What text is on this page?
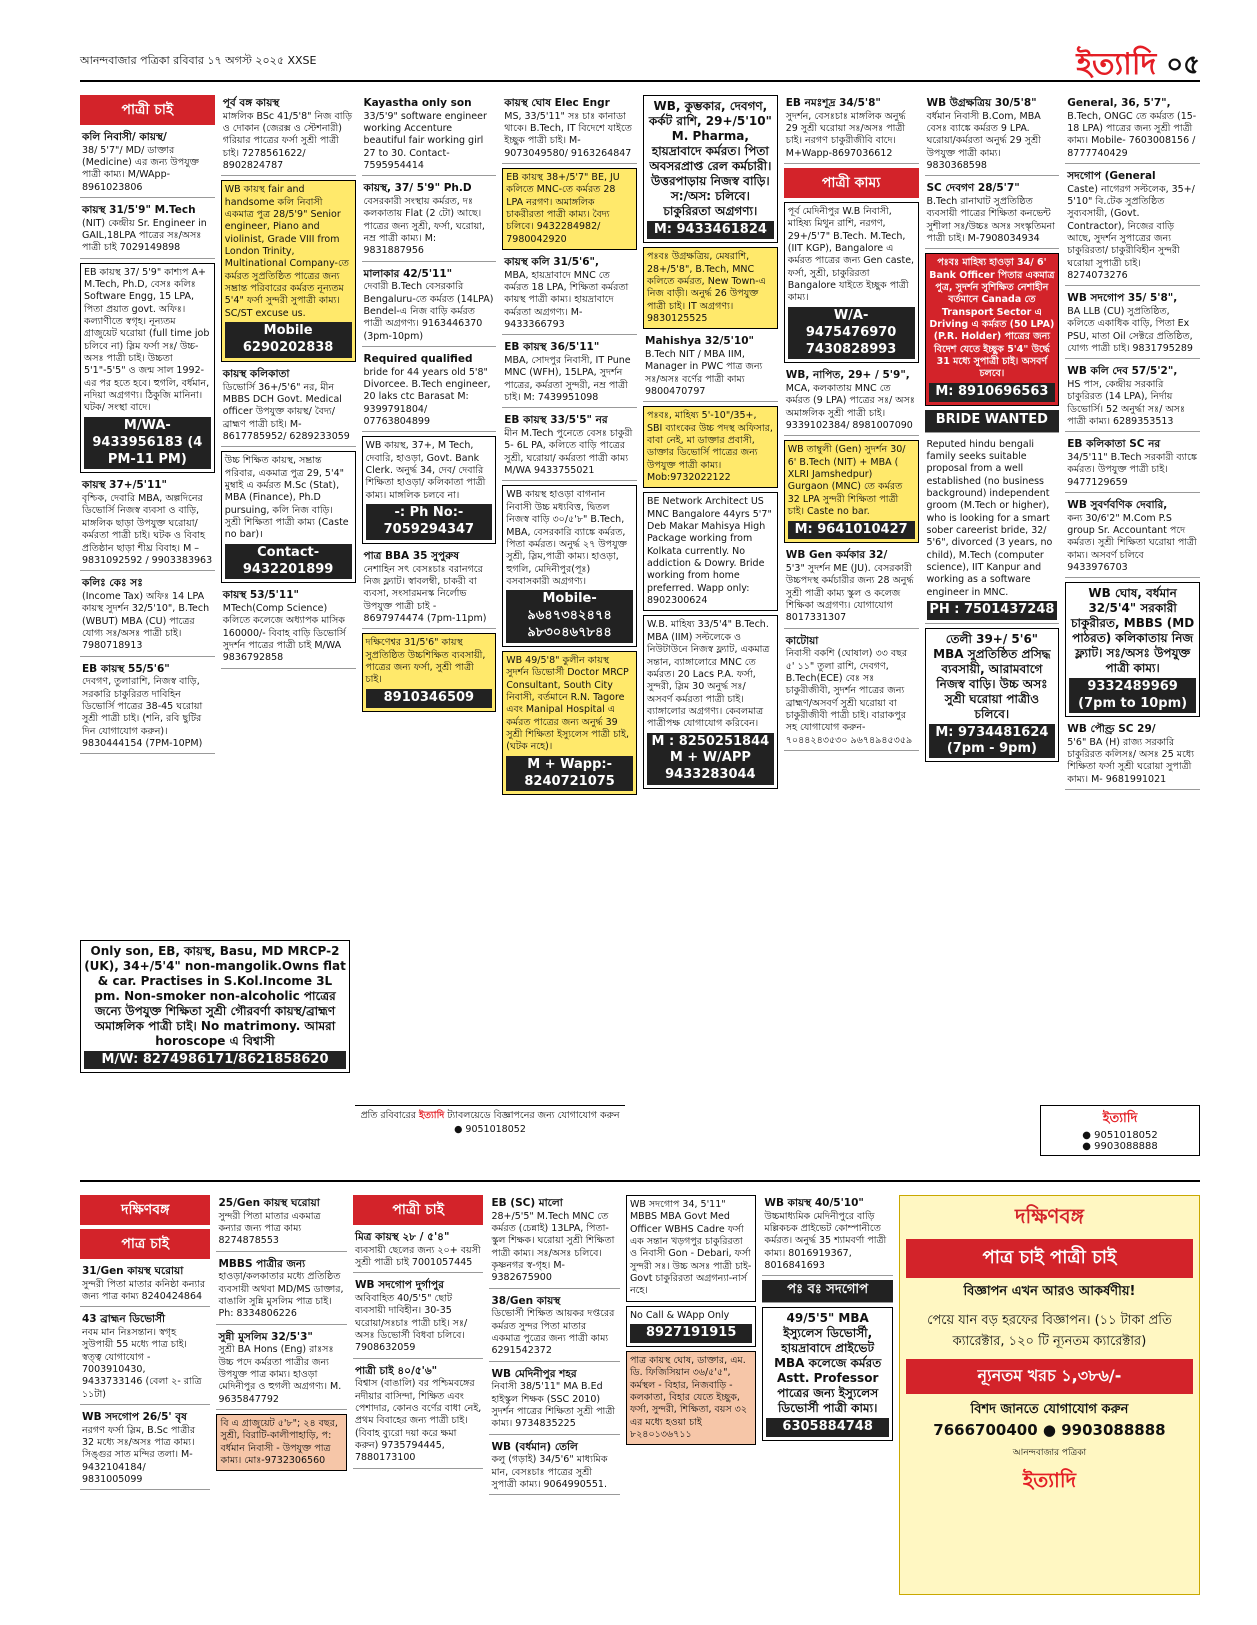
আনন্দবাজার পত্রিকা রবিবার ১৭ অগস্ট ২০২৫ XXSE	ইত্যাদি ০৫
পাত্রী চাই
কলি নিবাসী/ কায়স্থ/
38/ 5'7"/ MD/ ডাক্তার (Medicine) এর জন্য উপযুক্ত পাত্রী কাম্য। M/WApp- 8961023806
কায়স্থ 31/5'9" M.Tech
(NIT) কেন্দ্রীয় Sr. Engineer in GAIL,18LPA পাত্রের সঃ/অসঃ পাত্রী চাই 7029149898
EB কায়স্থ 37/ 5'9" কাশ্যপ A+ M.Tech, Ph.D, বেসঃ কলিঃ Software Engg, 15 LPA, পিতা প্রয়াত govt. অফিঃ। কল্যাণীতে স্বগৃহ। নূন্যতম গ্রাজুয়েট ঘরোয়া (full time job চলিবে না) স্লিম ফর্সা সঃ/ উচ্চ-অসঃ পাত্রী চাই। উচ্চতা 5'1"-5'5" ও জন্ম সাল 1992-এর পর হতে হবে। হুগলি, বর্ধমান, নদিয়া অগ্রগণ্য। ঠিকুজি মানিনা। ঘটক/ সংস্থা বাদে।
M/WA-9433956183 (4 PM-11 PM)
কায়স্থ 37+/5'11"
বৃশ্চিক, দেবারি MBA, অল্পদিনের ডিভোর্সি নিজস্ব ব্যবসা ও বাড়ি, মাঙ্গলিক ছাড়া উপযুক্ত ঘরোয়া/ কর্মরতা পাত্রী চাই। ঘটক ও বিবাহ প্রতিষ্ঠান ছাড়া শীঘ্র বিবাহ। M – 9831092592 / 9903383963
কলিঃ কেঃ সঃ
(Income Tax) অফিঃ 14 LPA কায়স্থ সুদর্শন 32/5'10", B.Tech (WBUT) MBA (CU) পাত্রের যোগ্য সঃ/অসঃ পাত্রী চাই। 7980718913
EB কায়স্থ 55/5'6"
দেবগণ, তুলারাশি, নিজস্ব বাড়ি, সরকারি চাকুরিরত দাবিহিন ডিভোর্সি পাত্রের 38-45 ঘরোয়া সুশ্রী পাত্রী চাই। (শনি, রবি ছুটির দিন যোগাযোগ করুন)। 9830444154 (7PM-10PM)
পূর্ব বঙ্গ কায়স্থ
মাঙ্গলিক BSc 41/5'8" নিজ বাড়ি ও দোকান (জেরক্স ও স্টেশনারী) গরিয়ার পাত্রের ফর্সা সুশ্রী পাত্রী চাই। 7278561622/ 8902824787
WB কায়স্থ fair and handsome কলি নিবাসী একমাত্র পুত্র 28/5'9" Senior engineer, Piano and violinist, Grade VIII from London Trinity, Multinational Company-তে কর্মরত সুপ্রতিষ্ঠিত পাত্রের জন্য সম্ভ্রান্ত পরিবারের কর্মরত নূন্যতম 5'4" ফর্সা সুন্দরী সুপাত্রী কাম্য। SC/ST excuse us.
Mobile 6290202838
কায়স্থ কলিকাতা
ডিভোর্সি 36+/5'6" নর, মীন MBBS DCH Govt. Medical officer উপযুক্ত কায়স্থ/ বৈদ্য/ ব্রাহ্মণ পাত্রী চাই। M- 8617785952/ 6289233059
উচ্চ শিক্ষিত কায়স্থ, সম্ভ্রান্ত পরিবার, একমাত্র পুত্র 29, 5'4" মুম্বাই এ কর্মরত M.Sc (Stat), MBA (Finance), Ph.D pursuing, কলি নিজ বাড়ি। সুশ্রী শিক্ষিতা পাত্রী কাম্য (Caste no bar)।
Contact- 9432201899
কায়স্থ 53/5'11"
MTech(Comp Science) কলিতে কলেজে অধ্যাপক মাসিক 160000/- বিবাহ বাড়ি ডিভোর্সি সুদর্শন পাত্রের পাত্রী চাই M/WA 9836792858
Kayastha only son
33/5'9" software engineer working Accenture beautiful fair working girl 27 to 30. Contact- 7595954414
কায়স্থ, 37/ 5'9" Ph.D
বেসরকারী সংস্থায় কর্মরত, দঃ কলকাতায় Flat (2 টো) আছে। পাত্রের জন্য সুশ্রী, ফর্সা, ঘরোয়া, নম্র পাত্রী কাম্য। M: 9831887956
মালাকার 42/5'11"
দেবারী B.Tech বেসরকারি Bengaluru-তে কর্মরত (14LPA) Bendel-এ নিজ বাড়ি কর্মরত পাত্রী অগ্রগণ্য। 9163446370 (3pm-10pm)
Required qualified
bride for 44 years old 5'8" Divorcee. B.Tech engineer, 20 laks ctc Barasat M: 9399791804/ 07763804899
WB কায়স্থ, 37+, M Tech, দেবারি, হাওড়া, Govt. Bank Clerk. অনুর্দ্ধ 34, দেব/ দেবারি শিক্ষিতা হাওড়া/ কলিকাতা পাত্রী কাম্য। মাঙ্গলিক চলবে না।
-: Ph No:- 7059294347
পাত্র BBA 35 সুপুরুষ
নেশাহিন সৎ বেসঃচাঃ বরানগরে নিজ ফ্ল্যাট। স্বাবলম্বী, চাকরী বা ব্যবসা, সংসারমনস্ক নির্লোভ উপযুক্ত পাত্রী চাই - 8697974474 (7pm-11pm)
দক্ষিণেশ্বর 31/5'6" কায়স্থ সুপ্রতিষ্ঠিত উচ্চশিক্ষিত ব্যবসায়ী, পাত্রের জন্য ফর্সা, সুশ্রী পাত্রী চাই।
8910346509
কায়স্থ ঘোষ Elec Engr
MS, 33/5'11" সঃ চাঃ কানাডা থাকে। B.Tech, IT বিদেশে যাইতে ইচ্ছুক পাত্রী চাই। M- 9073049580/ 9163264847
EB কায়স্থ 38+/5'7" BE, JU কলিতে MNC-তে কর্মরত 28 LPA নরগণ। অমাঙ্গলিক চাকরীরতা পাত্রী কাম্য। বৈদ্য চলিবে। 9432284982/ 7980042920
কায়স্থ কলি 31/5'6",
MBA, হায়দ্রাবাদে MNC তে কর্মরত 18 LPA, শিক্ষিতা কর্মরতা কায়স্থ পাত্রী কাম্য। হায়দ্রাবাদে কর্মরতা অগ্রগণ্য। M-9433366793
EB কায়স্থ 36/5'11"
MBA, সোদপুর নিবাসী, IT Pune MNC (WFH), 15LPA, সুদর্শন পাত্রের, কর্মরতা সুন্দরী, নম্র পাত্রী চাই। M: 7439951098
EB কায়স্থ 33/5'5" নর
মীন M.Tech পুনেতে বেসঃ চাকুরী 5- 6L PA, কলিতে বাড়ি পাত্রের সুশ্রী, ঘরোয়া/ কর্মরতা পাত্রী কাম্য M/WA 9433755021
WB কায়স্থ হাওড়া বাগনান নিবাসী উচ্চ মধ্যবিত্ত, দ্বিতল নিজস্ব বাড়ি ৩০/৫'৮" B.Tech, MBA, বেসরকারি ব্যাঙ্কে কর্মরত, পিতা কর্মরত। অনুর্দ্ধ ২৭ উপযুক্ত সুশ্রী, স্লিম,পাত্রী কাম্য। হাওড়া, হুগলি, মেদিনীপুর(পূঃ) বসবাসকারী অগ্রগণ্য।
Mobile- ৯৬৪৭৩৪২৪৭৪ ৯৮৩০৪৬৭৮৪৪
WB 49/5'8" কুলীন কায়স্থ সুদর্শন ডিভোর্সী Doctor MRCP Consultant, South City নিবাসী, বর্তমানে R.N. Tagore এবং Manipal Hospital এ কর্মরত পাত্রের জন্য অনুর্দ্ধ 39 সুশ্রী শিক্ষিতা ইস্যুলেস পাত্রী চাই, (ঘটক নহে)।
M + Wapp:- 8240721075
WB, কুম্ভকার, দেবগণ, কর্কট রাশি, 29+/5'10" M. Pharma, হায়দ্রাবাদে কর্মরত। পিতা অবসরপ্রাপ্ত রেল কর্মচারী। উত্তরপাড়ায় নিজস্ব বাড়ি। স:/অস: চলিবে। চাকুরিরতা অগ্রগণ্য।
M: 9433461824
পঃবঃ উগ্রক্ষত্রিয়, মেষরাশি, 28+/5'8", B.Tech, MNC কলিতে কর্মরত, New Town-এ নিজ বাড়ী। অনুর্দ্ধ 26 উপযুক্ত পাত্রী চাই। IT অগ্রগণ্য। 9830125525
Mahishya 32/5'10"
B.Tech NIT / MBA IIM, Manager in PWC পাত্র জন্য সঃ/অসঃ বর্ণের পাত্রী কাম্য 9800470797
পঃবঃ, মাহিষ্য 5'-10"/35+, SBI ব্যাংকের উচ্চ পদস্থ অফিসার, বাবা নেই, মা ডাক্তার প্রবাসী, ডাক্তার ডিভোর্সি পাত্রের জন্য উপযুক্ত পাত্রী কাম্য। Mob:9732022122
BE Network Architect US MNC Bangalore 44yrs 5'7" Deb Makar Mahisya High Package working from Kolkata currently. No addiction & Dowry. Bride working from home preferred. Wapp only: 8902300624
W.B. মাহিষ্য 33/5'4" B.Tech. MBA (IIM) সল্টলেকে ও নিউটাউনে নিজস্ব ফ্ল্যাট, একমাত্র সন্তান, ব্যাঙ্গালোরে MNC তে কর্মরত। 20 Lacs P.A. ফর্সা, সুন্দরী, স্লিম 30 অনুর্দ্ধ সঃ/ অসবর্ণ কর্মরতা পাত্রী চাই। ব্যাঙ্গালোর অগ্রগণ্য। কেবলমাত্র পাত্রীপক্ষ যোগাযোগ করিবেন।
M : 8250251844 M + W/APP 9433283044
EB নমঃশূদ্র 34/5'8"
সুদর্শন, বেসঃচাঃ মাঙ্গলিক অনুর্দ্ধ 29 সুশ্রী ঘরোয়া সঃ/অসঃ পাত্রী চাই। নরগণ চাকুরীজীবি বাদে। M+Wapp-8697036612
পাত্রী কাম্য
পূর্ব মেদিনীপুর W.B নিবাসী, মাহিষ্য মিথুন রাশি, নরগণ, 29+/5'7" B.Tech. M.Tech, (IIT KGP), Bangalore এ কর্মরত পাত্রের জন্য Gen caste, ফর্সা, সুশ্রী, চাকুরিরতা Bangalore যাইতে ইচ্ছুক পাত্রী কাম্য।
W/A- 9475476970 7430828993
WB, নাপিত, 29+ / 5'9",
MCA, কলকাতায় MNC তে কর্মরত (9 LPA) পাত্রের সঃ/ অসঃ অমাঙ্গলিক সুশ্রী পাত্রী চাই। 9339102384/ 8981007090
WB তাম্বুলী (Gen) সুদর্শন 30/ 6' B.Tech (NIT) + MBA ( XLRI Jamshedpur) Gurgaon (MNC) তে কর্মরত 32 LPA সুন্দরী শিক্ষিতা পাত্রী চাই। Caste no bar.
M: 9641010427
WB Gen কর্মকার 32/
5'3" সুদর্শন ME (JU). বেসরকারী উচ্চপদস্থ কর্মচারীর জন্য 28 অনুর্দ্ধ সুশ্রী পাত্রী কাম্য স্কুল ও কলেজ শিক্ষিকা অগ্রগণ্য। যোগাযোগ 8017331307
কাটোয়া
নিবাসী বকশি (ঘোষাল) ৩৩ বছর ৫' ১১" তুলা রাশি, দেবগণ, B.Tech(ECE) বেঃ সঃ চাকুরীজীবী, সুদর্শন পাত্রের জন্য ব্রাহ্মণ/অসবর্ণ সুশ্রী ঘরোয়া বা চাকুরীজীবী পাত্রী চাই। বারাকপুর সহ যোগাযোগ করুন- ৭০৪৪২৪৩৫৩০ ৯৬৭৪৯৪৫৩৫৯
WB উগ্রক্ষত্রিয় 30/5'8"
বর্ধমান নিবাসী B.Com, MBA বেসঃ ব্যাঙ্কে কর্মরত 9 LPA. ঘরোয়া/কর্মরতা অনুর্দ্ধ 29 সুশ্রী উপযুক্ত পাত্রী কাম্য। 9830368598
SC দেবগণ 28/5'7"
B.Tech রানাঘাট সুপ্রতিষ্ঠিত ব্যবসায়ী পাত্রের শিক্ষিতা কনভেন্ট সুশীলা সঃ/উচ্চঃ অসঃ সংস্কৃতিমনা পাত্রী চাই। M-7908034934
পঃবঃ মাহিষ্য হাওড়া 34/ 6' Bank Officer পিতার একমাত্র পুত্র, সুদর্শন সুশিক্ষিত নেশাহীন বর্তমানে Canada তে Transport Sector এ Driving এ কর্মরত (50 LPA) (P.R. Holder) পাত্রের জন্য বিদেশ যেতে ইচ্ছুক 5'4" উর্দ্ধে 31 মধ্যে সুপাত্রী চাই। অসবর্ণ চলবে।
M: 8910696563
BRIDE WANTED
Reputed hindu bengali family seeks suitable proposal from a well established (no business background) independent groom (M.Tech or higher), who is looking for a smart sober careerist bride, 32/ 5'6", divorced (3 years, no child), M.Tech (computer science), IIT Kanpur and working as a software engineer in MNC.
PH : 7501437248
তেলী 39+/ 5'6" MBA সুপ্রতিষ্ঠিত প্রসিদ্ধ ব্যবসায়ী, আরামবাগে নিজস্ব বাড়ি। উচ্চ অসঃ সুশ্রী ঘরোয়া পাত্রীও চলিবে।
M: 9734481624 (7pm - 9pm)
General, 36, 5'7",
B.Tech, ONGC তে কর্মরত (15-18 LPA) পাত্রের জন্য সুশ্রী পাত্রী কাম্য। Mobile- 7603008156 / 8777740429
সদগোপ (General
Caste) নাগেরগ সল্টলেক, 35+/ 5'10" বি.টেক সুপ্রতিষ্ঠিত সুব্যবসায়ী, (Govt. Contractor), নিজের বাড়ি আছে, সুদর্শন সুপাত্রের জন্য চাকুরিরতা/ চাকুরীবিহীন সুন্দরী ঘরোয়া সুপাত্রী চাই। 8274073276
WB সদগোপ 35/ 5'8",
BA LLB (CU) সুপ্রতিষ্ঠিত, কলিতে একাধিক বাড়ি, পিতা Ex PSU, মাতা Oil সেক্টরে প্রতিষ্ঠিত, যোগ্য পাত্রী চাই। 9831795289
WB কলি দেব 57/5'2",
HS পাস, কেন্দ্রীয় সরকারি চাকুরিরত (14 LPA), নির্দায় ডিভোর্সি। 52 অনুর্দ্ধা সঃ/ অসঃ পাত্রী কাম্য। 6289353513
EB কলিকাতা SC নর
34/5'11" B.Tech সরকারী ব্যাঙ্কে কর্মরত। উপযুক্ত পাত্রী চাই। 9477129659
WB সুবর্ণবণিক দেবারি,
কন্য 30/6'2" M.Com P.S group Sr. Accountant পদে কর্মরত। সুশ্রী শিক্ষিতা ঘরোয়া পাত্রী কাম্য। অসবর্ণ চলিবে 9433976703
WB ঘোষ, বর্ধমান 32/5'4" সরকারী চাকুরীরত, MBBS (MD পাঠরত) কলিকাতায় নিজ ফ্ল্যাট। সঃ/অসঃ উপযুক্ত পাত্রী কাম্য।
9332489969 (7pm to 10pm)
WB পৌণ্ড্র SC 29/
5'6" BA (H) রাজ্য সরকারি চাকুরিরত কলিসঃ/ অসঃ 25 মধ্যে শিক্ষিতা ফর্সা সুশ্রী ঘরোয়া সুপাত্রী কাম্য। M- 9681991021
Only son, EB, কায়স্থ, Basu, MD MRCP-2 (UK), 34+/5'4" non-mangolik.Owns flat & car. Practises in S.Kol.Income 3L pm. Non-smoker non-alcoholic পাত্রের জন্যে উপযুক্ত শিক্ষিতা সুশ্রী গৌরবর্ণা কায়স্থ/ব্রাহ্মণ অমাঙ্গলিক পাত্রী চাই। No matrimony. আমরা horoscope এ বিশ্বাসী
M/W: 8274986171/8621858620
প্রতি রবিবারের ইত্যাদি ট্যাবলয়েডে বিজ্ঞাপনের জন্য যোগাযোগ করুন ● 9051018052
ইত্যাদি
● 9051018052
● 9903088888
দক্ষিণবঙ্গ
পাত্র চাই
31/Gen কায়স্থ ঘরোয়া
সুন্দরী পিতা মাতার কনিষ্ঠা কন্যার জন্য পাত্র কাম্য 8240424864
43 ব্রাহ্মন ডিভোর্সী
নবম মান নিঃসন্তান। স্বগৃহ সুউপায়ী 55 মধ্যে পাত্র চাই। স্বত্ত্ব যোগাযোগ - 7003910430, 9433733146 (বেলা ২- রাত্রি ১১টা)
WB সদগোপ 26/5' বৃষ
নরগণ ফর্সা স্লিম, B.Sc পাত্রীর 32 মধ্যে সঃ/অসঃ পাত্র কাম্য। সিঙ্গুর সাত মন্দির তলা। M- 9432104184/ 9831005099
25/Gen কায়স্থ ঘরোয়া
সুন্দরী পিতা মাতার একমাত্র কন্যার জন্য পাত্র কাম্য 8274878553
MBBS পাত্রীর জন্য
হাওড়া/কলকাতার মধ্যে প্রতিষ্ঠিত ব্যবসায়ী অথবা MD/MS ডাক্তার, বাঙালি সুন্নি মুসলিম পাত্র চাই। Ph: 8334806226
সুন্নী মুসলিম 32/5'3"
সুশ্রী BA Hons (Eng) রাঃসঃ উচ্চ পদে কর্মরতা পাত্রীর জন্য উপযুক্ত পাত্র কাম্য। হাওড়া মেদিনীপুর ও হুগলী অগ্রগণ্য। M. 9635847792
বি এ গ্রাজুয়েট ৫'৮"; ২৪ বছর, সুশ্রী, বিরাটি-কালীপাহাড়ি, প: বর্ধমান নিবাসী - উপযুক্ত পাত্র কাম্য। মোঃ-9732306560
পাত্রী চাই
মিত্র কায়স্থ ২৮ / ৫'৪"
ব্যবসায়ী ছেলের জন্য ২০+ বয়সী সুশ্রী পাত্রী চাই 7001057445
WB সদগোপ দুর্গাপুর
অবিবাহিত 40/5'5" ছোট ব্যবসায়ী দাবিহীন। 30-35 ঘরোয়া/সঃচাঃ পাত্রী চাই। সঃ/অসঃ ডিভোর্সী বিধবা চলিবে। 7908632059
পাত্রী চাই ৪০/৫'৬"
বিশ্বাস (বাঙালি) বর পশ্চিমবঙ্গের নদীয়ার বাসিন্দা, শিক্ষিত এবং পেশাদার, কোনও বর্ণের বাধা নেই, প্রথম বিবাহের জন্য পাত্রী চাই। (বিবাহ ব্যুরো দয়া করে ক্ষমা করুন) 9735794445, 7880173100
EB (SC) মালো
28+/5'5" M.Tech MNC তে কর্মরত (চেন্নাই) 13LPA, পিতা-স্কুল শিক্ষক। ঘরোয়া সুশ্রী শিক্ষিতা পাত্রী কাম্য। সঃ/অসঃ চলিবে। কৃষ্ণনগর স্ব-গৃহ। M- 9382675900
38/Gen কায়স্থ
ডিভোর্সী শিক্ষিত আয়কর দপ্তরের কর্মরত সুন্দর পিতা মাতার একমাত্র পুত্রের জন্য পাত্রী কাম্য 6291542372
WB মেদিনীপুর শহর
নিবাসী 38/5'11" MA B.Ed হাইস্কুল শিক্ষক (SSC 2010) সুদর্শন পাত্রের শিক্ষিতা সুশ্রী পাত্রী কাম্য। 9734835225
WB (বর্ধমান) তেলি
কলু (গড়াই) 34/5'6" মাধ্যমিক মান, বেসঃচাঃ পাত্রের সুশ্রী সুপাত্রী কাম্য। 9064990551.
WB সদগোপ 34, 5'11" MBBS MBA Govt Med Officer WBHS Cadre ফর্সা এক সন্তান খড়গপুর চাকুরিরতা ও নিবাসী Gon - Debari, ফর্সা সুন্দরী সঃ। উচ্চ অসঃ পাত্রী চাই- Govt চাকুরিরতা অগ্রগন্যা-নার্স নহে।
No Call & WApp Only
8927191915
পাত্র কায়স্থ ঘোষ, ডাক্তার, এম. ডি. ফিজিসিয়ান ৩৬/৫'৫", কর্মস্থল - বিহার, নিজবাড়ি - কলকাতা, বিহার যেতে ইচ্ছুক, ফর্সা, সুন্দরী, শিক্ষিতা, বয়স ৩২ এর মধ্যে হওয়া চাই ৮২৪০১৩৬৭১১
WB কায়স্থ 40/5'10"
উচ্চমাধ্যমিক মেদিনীপুরে বাড়ি মল্লিকচক প্রাইভেট কোম্পানীতে কর্মরত। অনুর্দ্ধ 35 শ্যামবর্ণা পাত্রী কাম্য। 8016919367, 8016841693
পঃ বঃ সদগোপ
49/5'5" MBA ইস্যুলেস ডিভোর্সী, হায়দ্রাবাদে প্রাইভেট MBA কলেজে কর্মরত Astt. Professor পাত্রের জন্য ইস্যুলেস ডিভোর্সী পাত্রী কাম্য।
6305884748
দক্ষিণবঙ্গ
পাত্র চাই পাত্রী চাই
বিজ্ঞাপন এখন আরও আকর্ষণীয়!
পেয়ে যান বড় হরফের বিজ্ঞাপন। (১১ টাকা প্রতি ক্যারেক্টার, ১২০ টি ন্যূনতম ক্যারেক্টার)
ন্যূনতম খরচ ১,৩৮৬/-
বিশদ জানতে যোগাযোগ করুন
7666700400 ● 9903088888
আনন্দবাজার পত্রিকা
ইত্যাদি
